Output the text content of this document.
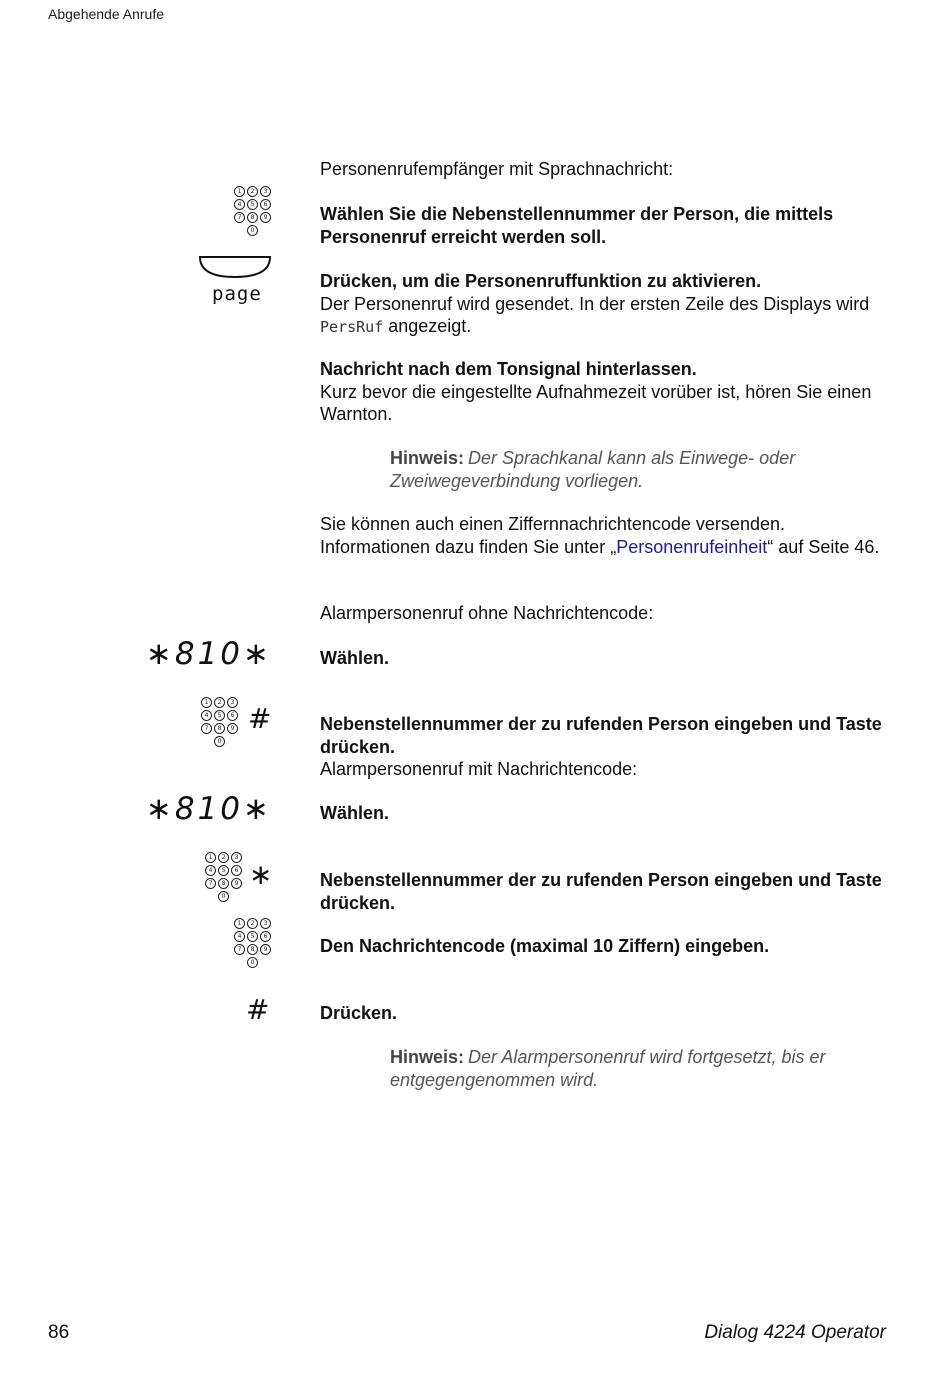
Abgehende Anrufe
Personenrufempfänger mit Sprachnachricht:
1	2	3
4	5	6
7	8	9
0
Wählen Sie die Nebenstellennummer der Person, die mittels Personenruf erreicht werden soll.
page
Drücken, um die Personenruffunktion zu aktivieren.
Der Personenruf wird gesendet. In der ersten Zeile des Displays wird PersRuf angezeigt.
Nachricht nach dem Tonsignal hinterlassen.
Kurz bevor die eingestellte Aufnahmezeit vorüber ist, hören Sie einen Warnton.
Hinweis: Der Sprachkanal kann als Einwege- oder Zweiwegeverbindung vorliegen.
Sie können auch einen Ziffernnachrichtencode versenden. Informationen dazu finden Sie unter „Personenrufeinheit“ auf Seite 46.
Alarmpersonenruf ohne Nachrichtencode:
∗810∗	Wählen.
1	2	3
4	5	6
7	8	9
0
#	Nebenstellennummer der zu rufenden Person eingeben und Taste drücken.
Alarmpersonenruf mit Nachrichtencode:
∗810∗	Wählen.
1	2	3
4	5	6
7	8	9
0
∗	Nebenstellennummer der zu rufenden Person eingeben und Taste drücken.
1	2	3
4	5	6
7	8	9
0
Den Nachrichtencode (maximal 10 Ziffern) eingeben.
#	Drücken.
Hinweis: Der Alarmpersonenruf wird fortgesetzt, bis er entgegengenommen wird.
86	Dialog 4224 Operator
